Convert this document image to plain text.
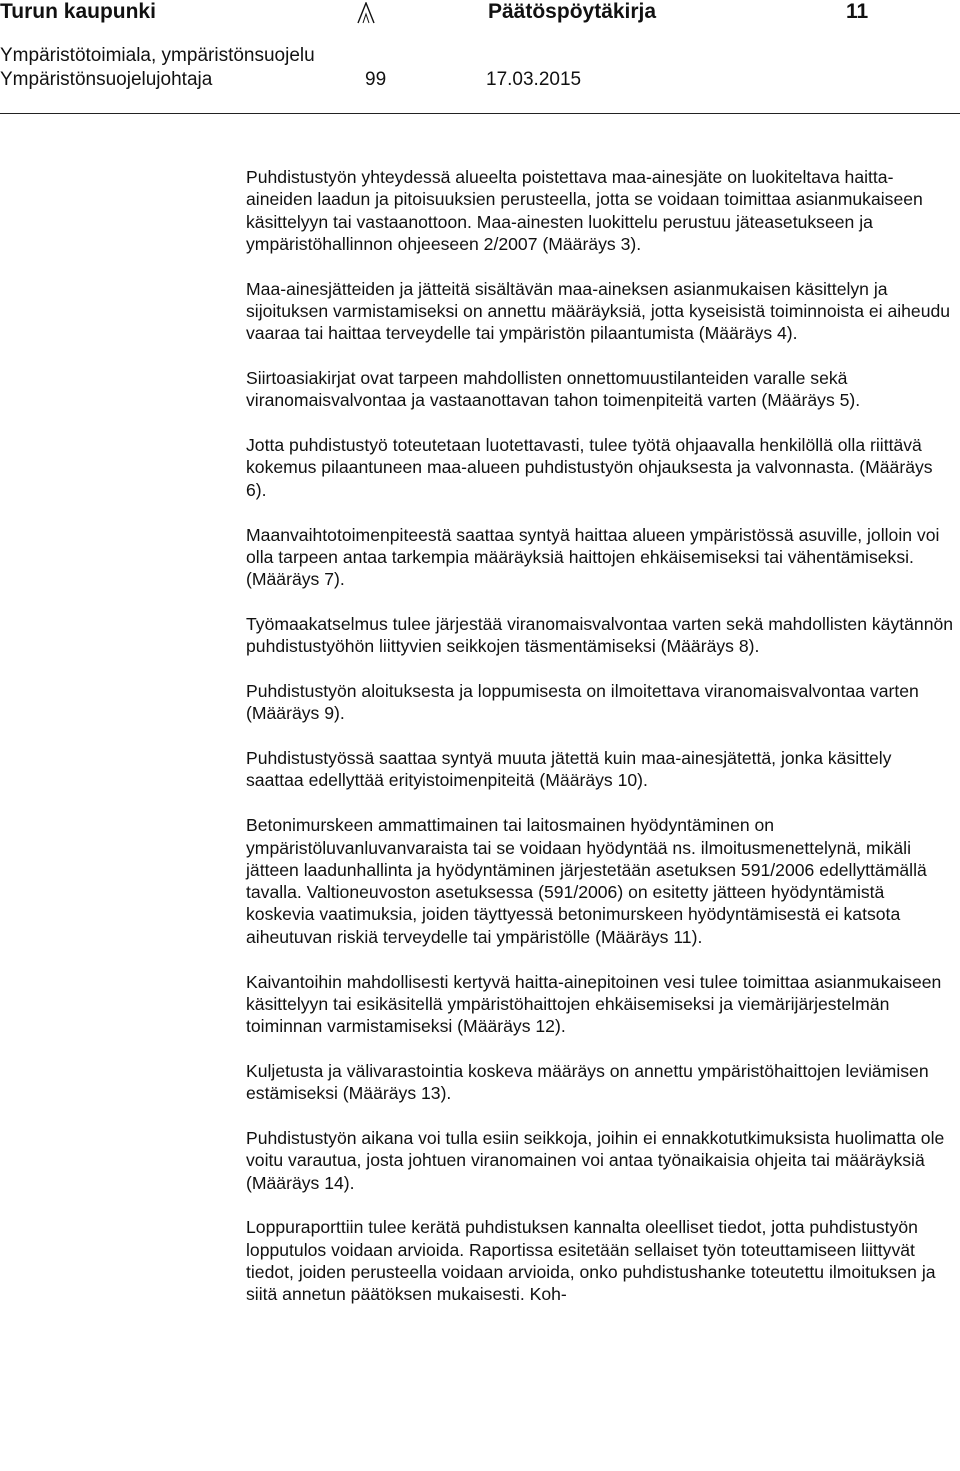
Turun kaupunki	Päätöspöytäkirja	11
Ympäristötoimiala, ympäristönsuojelu
Ympäristönsuojelujohtaja	99	17.03.2015

Puhdistustyön yhteydessä alueelta poistettava maa-ainesjäte on luokiteltava haitta-aineiden laadun ja pitoisuuksien perusteella, jotta se voidaan toimittaa asianmukaiseen käsittelyyn tai vastaanottoon. Maa-ainesten luokittelu perustuu jäteasetukseen ja ympäristöhallinnon ohjeeseen 2/2007 (Määräys 3).

Maa-ainesjätteiden ja jätteitä sisältävän maa-aineksen asianmukaisen käsittelyn ja sijoituksen varmistamiseksi on annettu määräyksiä, jotta kyseisistä toiminnoista ei aiheudu vaaraa tai haittaa terveydelle tai ympäristön pilaantumista (Määräys 4).

Siirtoasiakirjat ovat tarpeen mahdollisten onnettomuustilanteiden varalle sekä viranomaisvalvontaa ja vastaanottavan tahon toimenpiteitä varten (Määräys 5).

Jotta puhdistustyö toteutetaan luotettavasti, tulee työtä ohjaavalla henkilöllä olla riittävä kokemus pilaantuneen maa-alueen puhdistustyön ohjauksesta ja valvonnasta. (Määräys 6).

Maanvaihtotoimenpiteestä saattaa syntyä haittaa alueen ympäristössä asuville, jolloin voi olla tarpeen antaa tarkempia määräyksiä haittojen ehkäisemiseksi tai vähentämiseksi. (Määräys 7).

Työmaakatselmus tulee järjestää viranomaisvalvontaa varten sekä mahdollisten käytännön puhdistustyöhön liittyvien seikkojen täsmentämiseksi (Määräys 8).

Puhdistustyön aloituksesta ja loppumisesta on ilmoitettava viranomaisvalvontaa varten (Määräys 9).

Puhdistustyössä saattaa syntyä muuta jätettä kuin maa-ainesjätettä, jonka käsittely saattaa edellyttää erityistoimenpiteitä (Määräys 10).

Betonimurskeen ammattimainen tai laitosmainen hyödyntäminen on ympäristöluvanluvanvaraista tai se voidaan hyödyntää ns. ilmoitusmenettelynä, mikäli jätteen laadunhallinta ja hyödyntäminen järjestetään asetuksen 591/2006 edellyttämällä tavalla. Valtioneuvoston asetuksessa (591/2006) on esitetty jätteen hyödyntämistä koskevia vaatimuksia, joiden täyttyessä betonimurskeen hyödyntämisestä ei katsota aiheutuvan riskiä terveydelle tai ympäristölle (Määräys 11).

Kaivantoihin mahdollisesti kertyvä haitta-ainepitoinen vesi tulee toimittaa asianmukaiseen käsittelyyn tai esikäsitellä ympäristöhaittojen ehkäisemiseksi ja viemärijärjestelmän toiminnan varmistamiseksi (Määräys 12).

Kuljetusta ja välivarastointia koskeva määräys on annettu ympäristöhaittojen leviämisen estämiseksi (Määräys 13).

Puhdistustyön aikana voi tulla esiin seikkoja, joihin ei ennakkotutkimuksista huolimatta ole voitu varautua, josta johtuen viranomainen voi antaa työnaikaisia ohjeita tai määräyksiä (Määräys 14).

Loppuraporttiin tulee kerätä puhdistuksen kannalta oleelliset tiedot, jotta puhdistustyön lopputulos voidaan arvioida. Raportissa esitetään sellaiset työn toteuttamiseen liittyvät tiedot, joiden perusteella voidaan arvioida, onko puhdistushanke toteutettu ilmoituksen ja siitä annetun päätöksen mukaisesti. Koh-
